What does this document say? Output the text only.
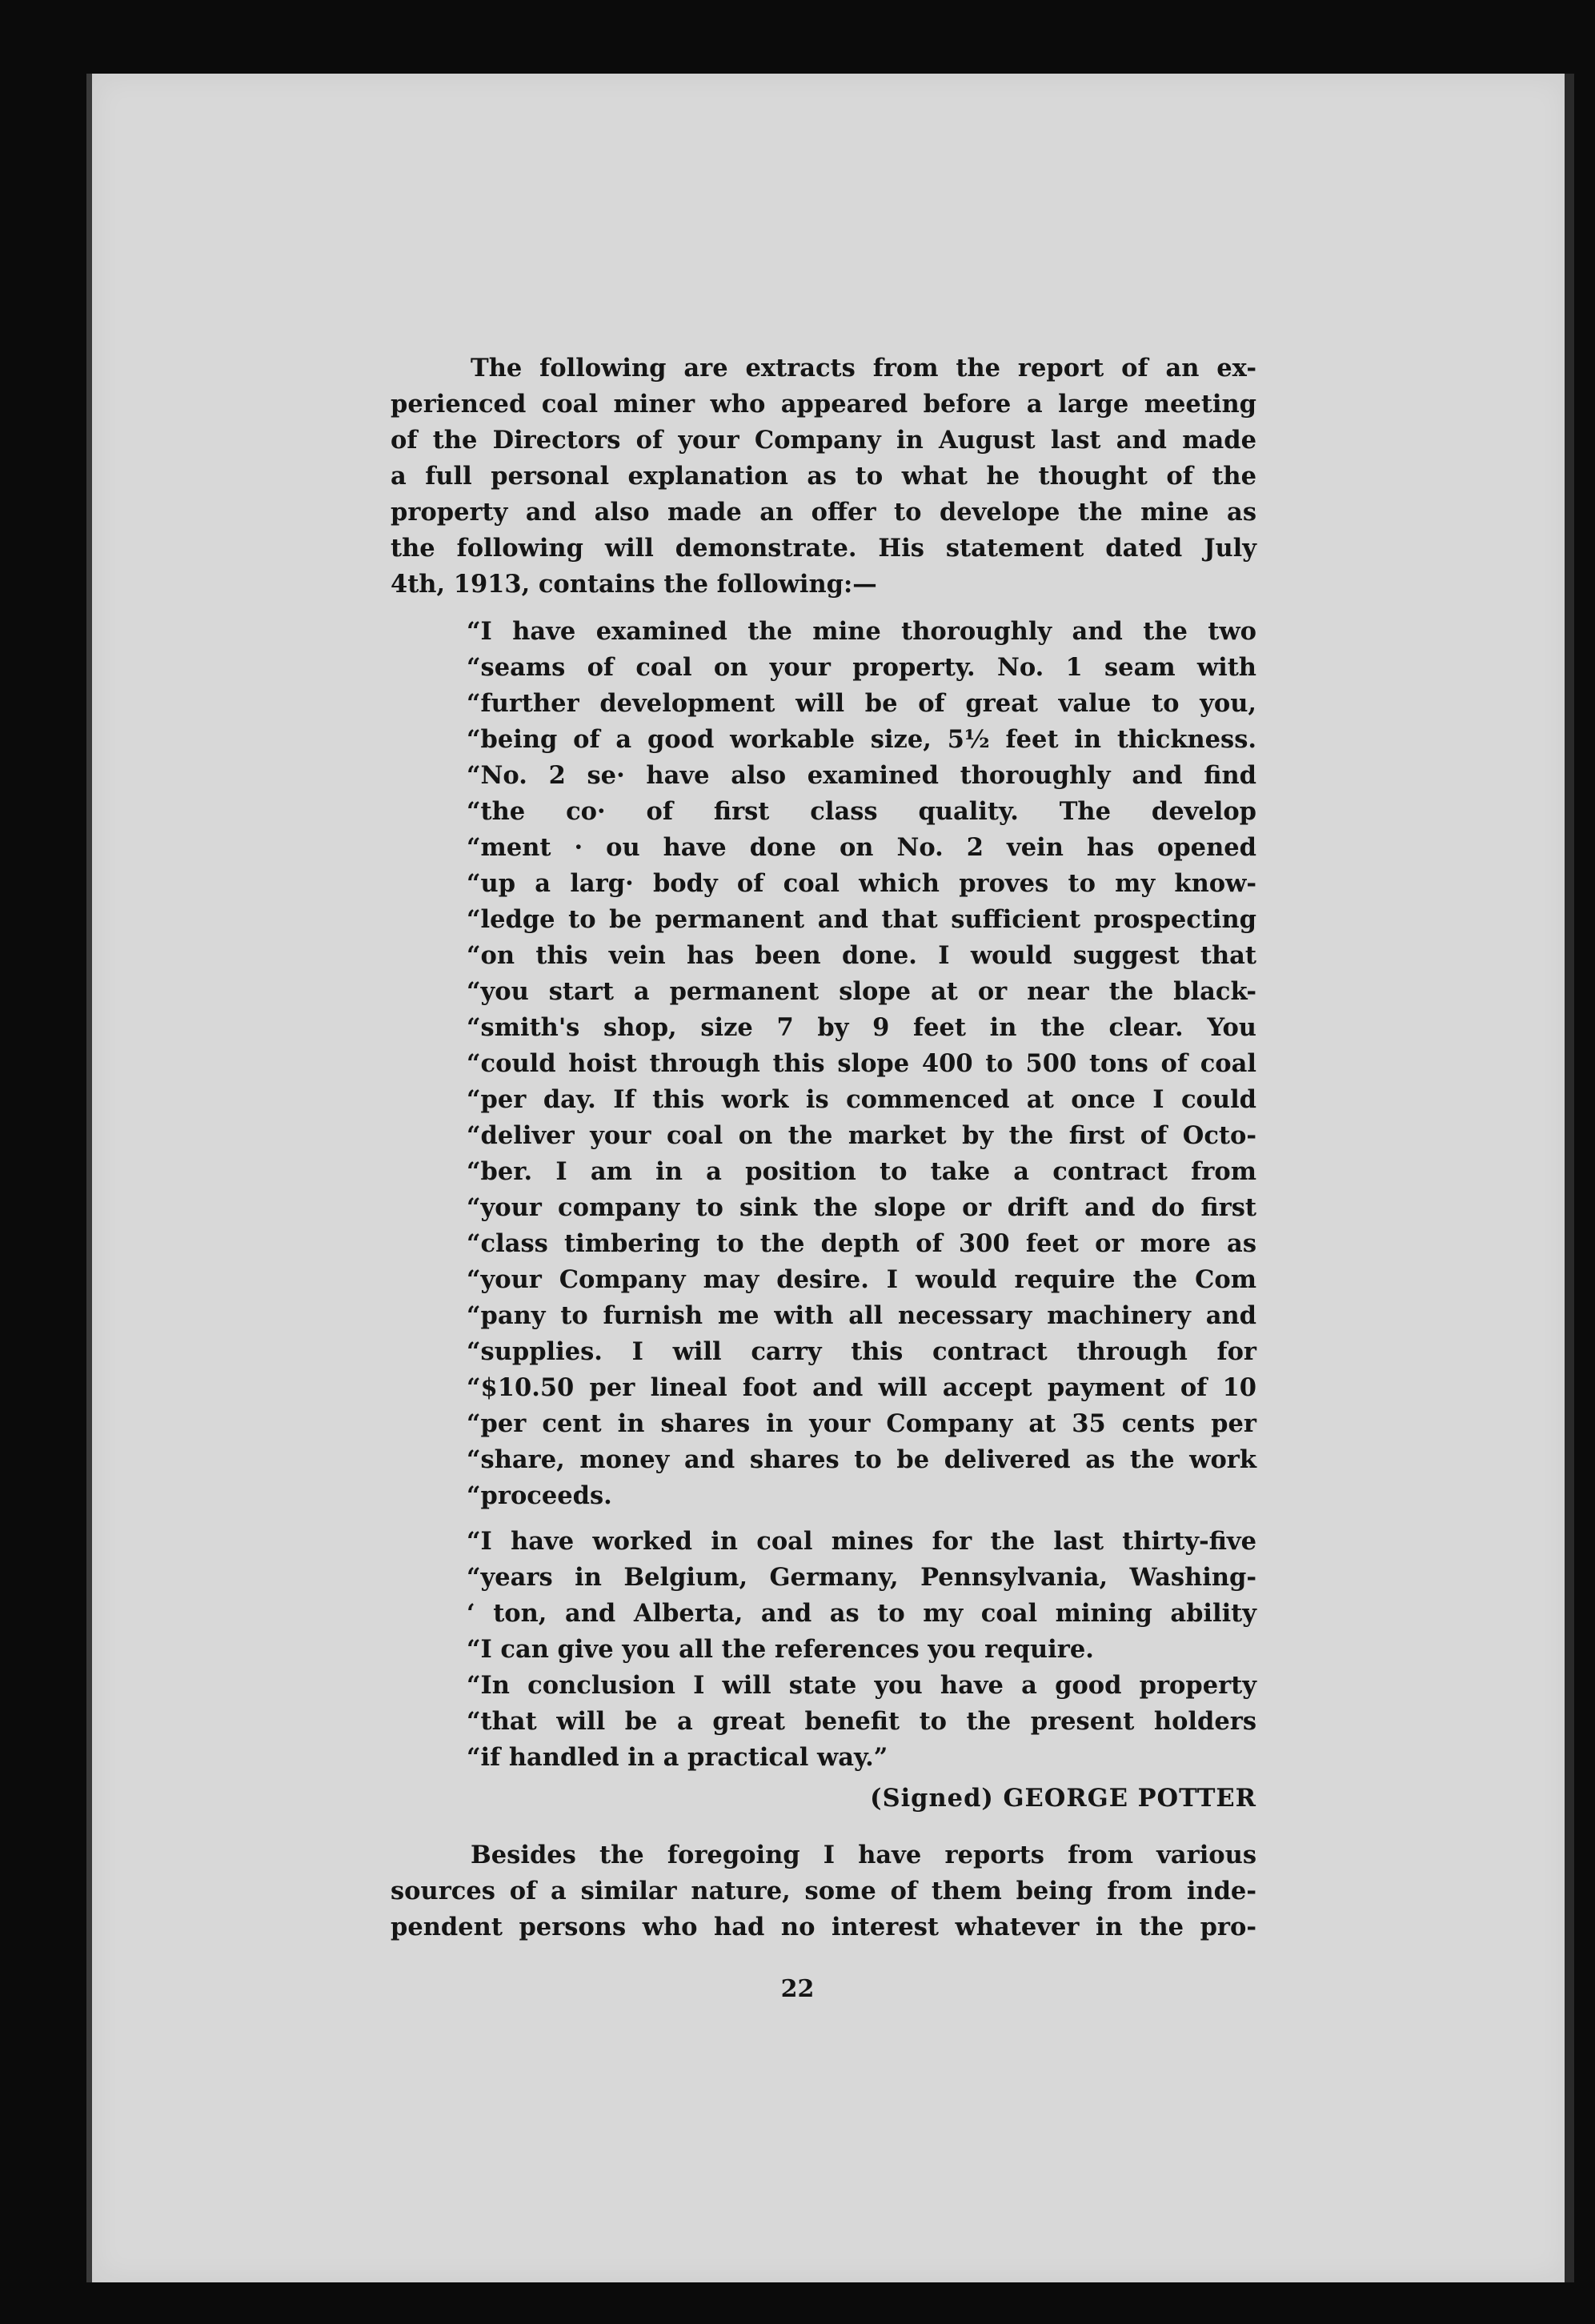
The following are extracts from the report of an ex-
perienced coal miner who appeared before a large meeting
of the Directors of your Company in August last and made
a full personal explanation as to what he thought of the
property and also made an offer to develope the mine as
the following will demonstrate. His statement dated July
4th, 1913, contains the following:—
“I have examined the mine thoroughly and the two
“seams of coal on your property. No. 1 seam with
“further development will be of great value to you,
“being of a good workable size, 5½ feet in thickness.
“No. 2 se· have also examined thoroughly and find
“the co· of first class quality. The develop
“ment · ou have done on No. 2 vein has opened
“up a larg· body of coal which proves to my know-
“ledge to be permanent and that sufficient prospecting
“on this vein has been done. I would suggest that
“you start a permanent slope at or near the black-
“smith's shop, size 7 by 9 feet in the clear. You
“could hoist through this slope 400 to 500 tons of coal
“per day. If this work is commenced at once I could
“deliver your coal on the market by the first of Octo-
“ber. I am in a position to take a contract from
“your company to sink the slope or drift and do first
“class timbering to the depth of 300 feet or more as
“your Company may desire. I would require the Com
“pany to furnish me with all necessary machinery and
“supplies. I will carry this contract through for
“$10.50 per lineal foot and will accept payment of 10
“per cent in shares in your Company at 35 cents per
“share, money and shares to be delivered as the work
“proceeds.
“I have worked in coal mines for the last thirty-five
“years in Belgium, Germany, Pennsylvania, Washing-
‘ ton, and Alberta, and as to my coal mining ability
“I can give you all the references you require.
“In conclusion I will state you have a good property
“that will be a great benefit to the present holders
“if handled in a practical way.”
(Signed) GEORGE POTTER
Besides the foregoing I have reports from various
sources of a similar nature, some of them being from inde-
pendent persons who had no interest whatever in the pro-
22
